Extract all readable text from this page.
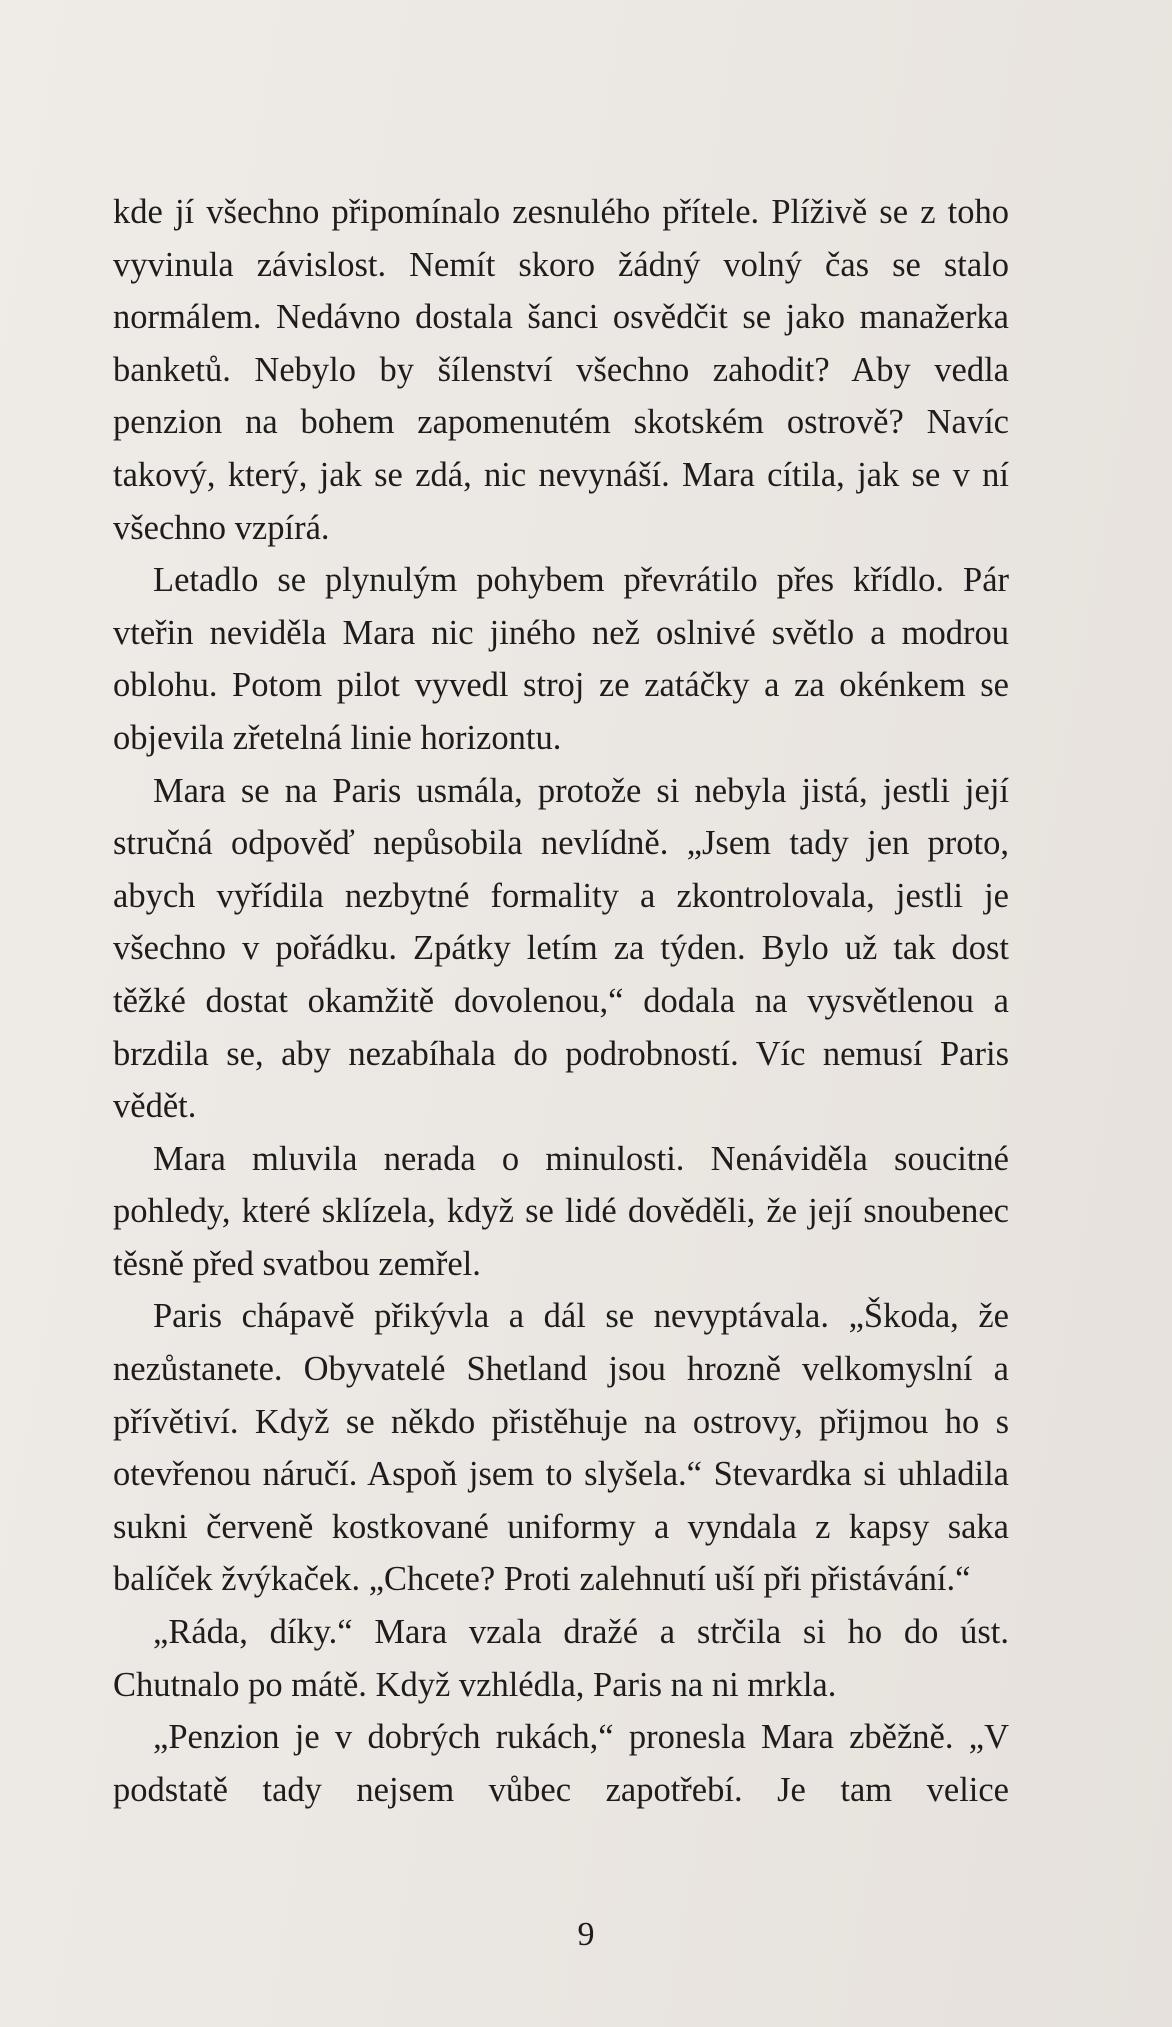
kde jí všechno připomínalo zesnulého přítele. Plíživě se z toho vyvinula závislost. Nemít skoro žádný volný čas se stalo normálem. Nedávno dostala šanci osvědčit se jako manažerka banketů. Nebylo by šílenství všechno zahodit? Aby vedla penzion na bohem zapomenutém skotském ostrově? Navíc takový, který, jak se zdá, nic nevynáší. Mara cítila, jak se v ní všechno vzpírá.

Letadlo se plynulým pohybem převrátilo přes křídlo. Pár vteřin neviděla Mara nic jiného než oslnivé světlo a modrou oblohu. Potom pilot vyvedl stroj ze zatáčky a za okénkem se objevila zřetelná linie horizontu.

Mara se na Paris usmála, protože si nebyla jistá, jestli její stručná odpověď nepůsobila nevlídně. „Jsem tady jen proto, abych vyřídila nezbytné formality a zkontrolovala, jestli je všechno v pořádku. Zpátky letím za týden. Bylo už tak dost těžké dostat okamžitě dovolenou,“ dodala na vysvětlenou a brzdila se, aby nezabíhala do podrobností. Víc nemusí Paris vědět.

Mara mluvila nerada o minulosti. Nenáviděla soucitné pohledy, které sklízela, když se lidé dověděli, že její snoubenec těsně před svatbou zemřel.

Paris chápavě přikývla a dál se nevyptávala. „Škoda, že nezůstanete. Obyvatelé Shetland jsou hrozně velkomyslní a přívětiví. Když se někdo přistěhuje na ostrovy, přijmou ho s otevřenou náručí. Aspoň jsem to slyšela.“ Stevardka si uhladila sukni červeně kostkované uniformy a vyndala z kapsy saka balíček žvýkaček. „Chcete? Proti zalehnutí uší při přistávání.“

„Ráda, díky.“ Mara vzala dražé a strčila si ho do úst. Chutnalo po mátě. Když vzhlédla, Paris na ni mrkla.

„Penzion je v dobrých rukách,“ pronesla Mara zběžně. „V podstatě tady nejsem vůbec zapotřebí. Je tam velice

9
